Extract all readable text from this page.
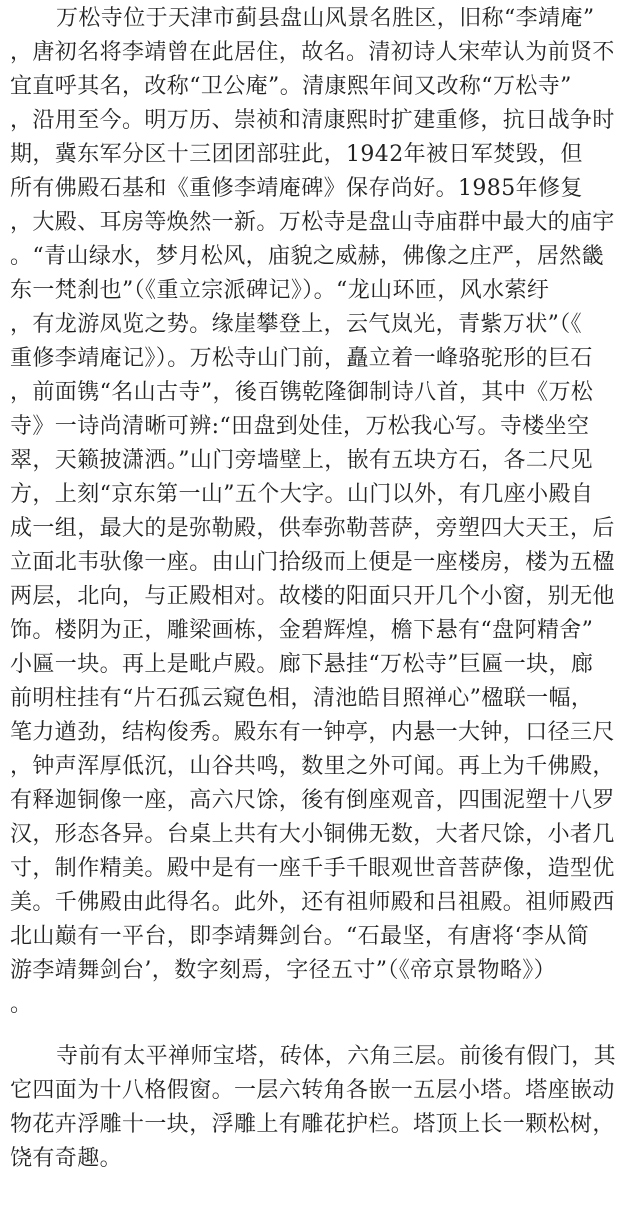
万松寺位于天津市蓟县盘山风景名胜区，旧称“李靖庵”
，唐初名将李靖曾在此居住，故名。清初诗人宋荦认为前贤不
宜直呼其名，改称“卫公庵”。清康熙年间又改称“万松寺”
，沿用至今。明万历、崇祯和清康熙时扩建重修，抗日战争时
期，冀东军分区十三团团部驻此，1942年被日军焚毁，但
所有佛殿石基和《重修李靖庵碑》保存尚好。1985年修复
，大殿、耳房等焕然一新。万松寺是盘山寺庙群中最大的庙宇
。“青山绿水，梦月松风，庙貌之威赫，佛像之庄严，居然畿
东一梵刹也”（《重立宗派碑记》）。“龙山环匝，风水萦纡
，有龙游凤览之势。缘崖攀登上，云气岚光，青紫万状”（《
重修李靖庵记》）。万松寺山门前，矗立着一峰骆驼形的巨石
，前面镌“名山古寺”，後百镌乾隆御制诗八首，其中《万松
寺》一诗尚清晰可辨:“田盘到处佳，万松我心写。寺楼坐空
翠，天籁披潇洒。”山门旁墙壁上，嵌有五块方石，各二尺见
方，上刻“京东第一山”五个大字。山门以外，有几座小殿自
成一组，最大的是弥勒殿，供奉弥勒菩萨，旁塑四大天王，后
立面北韦驮像一座。由山门拾级而上便是一座楼房，楼为五楹
两层，北向，与正殿相对。故楼的阳面只开几个小窗，别无他
饰。楼阴为正，雕梁画栋，金碧辉煌，檐下悬有“盘阿精舍”
小匾一块。再上是毗卢殿。廊下悬挂“万松寺”巨匾一块，廊
前明柱挂有“片石孤云窥色相，清池皓目照禅心”楹联一幅，
笔力遒劲，结构俊秀。殿东有一钟亭，内悬一大钟，口径三尺
，钟声浑厚低沉，山谷共鸣，数里之外可闻。再上为千佛殿，
有释迦铜像一座，高六尺馀，後有倒座观音，四围泥塑十八罗
汉，形态各异。台桌上共有大小铜佛无数，大者尺馀，小者几
寸，制作精美。殿中是有一座千手千眼观世音菩萨像，造型优
美。千佛殿由此得名。此外，还有祖师殿和吕祖殿。祖师殿西
北山巅有一平台，即李靖舞剑台。“石最坚，有唐将‘李从简
游李靖舞剑台’，数字刻焉，字径五寸”（《帝京景物略》）
。
寺前有太平禅师宝塔，砖体，六角三层。前後有假门，其
它四面为十八格假窗。一层六转角各嵌一五层小塔。塔座嵌动
物花卉浮雕十一块，浮雕上有雕花护栏。塔顶上长一颗松树，
饶有奇趣。
